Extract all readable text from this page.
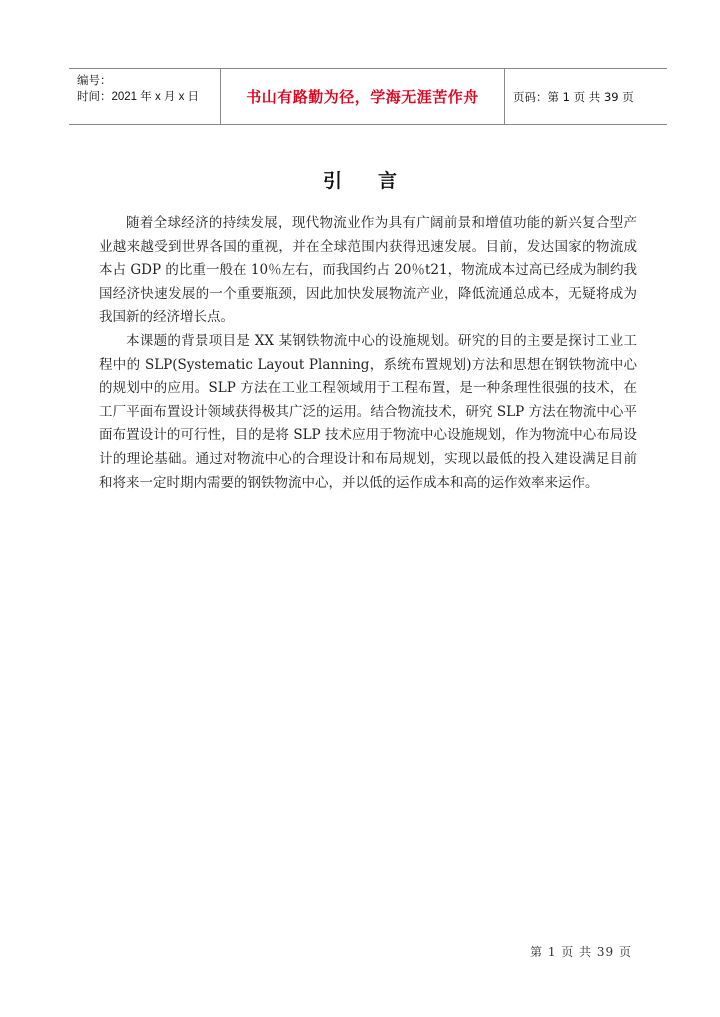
编号：
时间：2021 年 x 月 x 日	书山有路勤为径，学海无涯苦作舟	页码：第 1 页 共 39 页
引言

随着全球经济的持续发展，现代物流业作为具有广阔前景和增值功能的新兴复合型产业越来越受到世界各国的重视，并在全球范围内获得迅速发展。目前，发达国家的物流成本占 GDP 的比重一般在 10％左右，而我国约占 20％t21，物流成本过高已经成为制约我国经济快速发展的一个重要瓶颈，因此加快发展物流产业，降低流通总成本，无疑将成为我国新的经济增长点。

本课题的背景项目是 XX 某钢铁物流中心的设施规划。研究的目的主要是探讨工业工程中的 SLP(Systematic Layout Planning，系统布置规划)方法和思想在钢铁物流中心的规划中的应用。SLP 方法在工业工程领域用于工程布置，是一种条理性很强的技术，在工厂平面布置设计领域获得极其广泛的运用。结合物流技术，研究 SLP 方法在物流中心平面布置设计的可行性，目的是将 SLP 技术应用于物流中心设施规划，作为物流中心布局设计的理论基础。通过对物流中心的合理设计和布局规划，实现以最低的投入建设满足目前和将来一定时期内需要的钢铁物流中心，并以低的运作成本和高的运作效率来运作。

第 1 页 共 39 页
